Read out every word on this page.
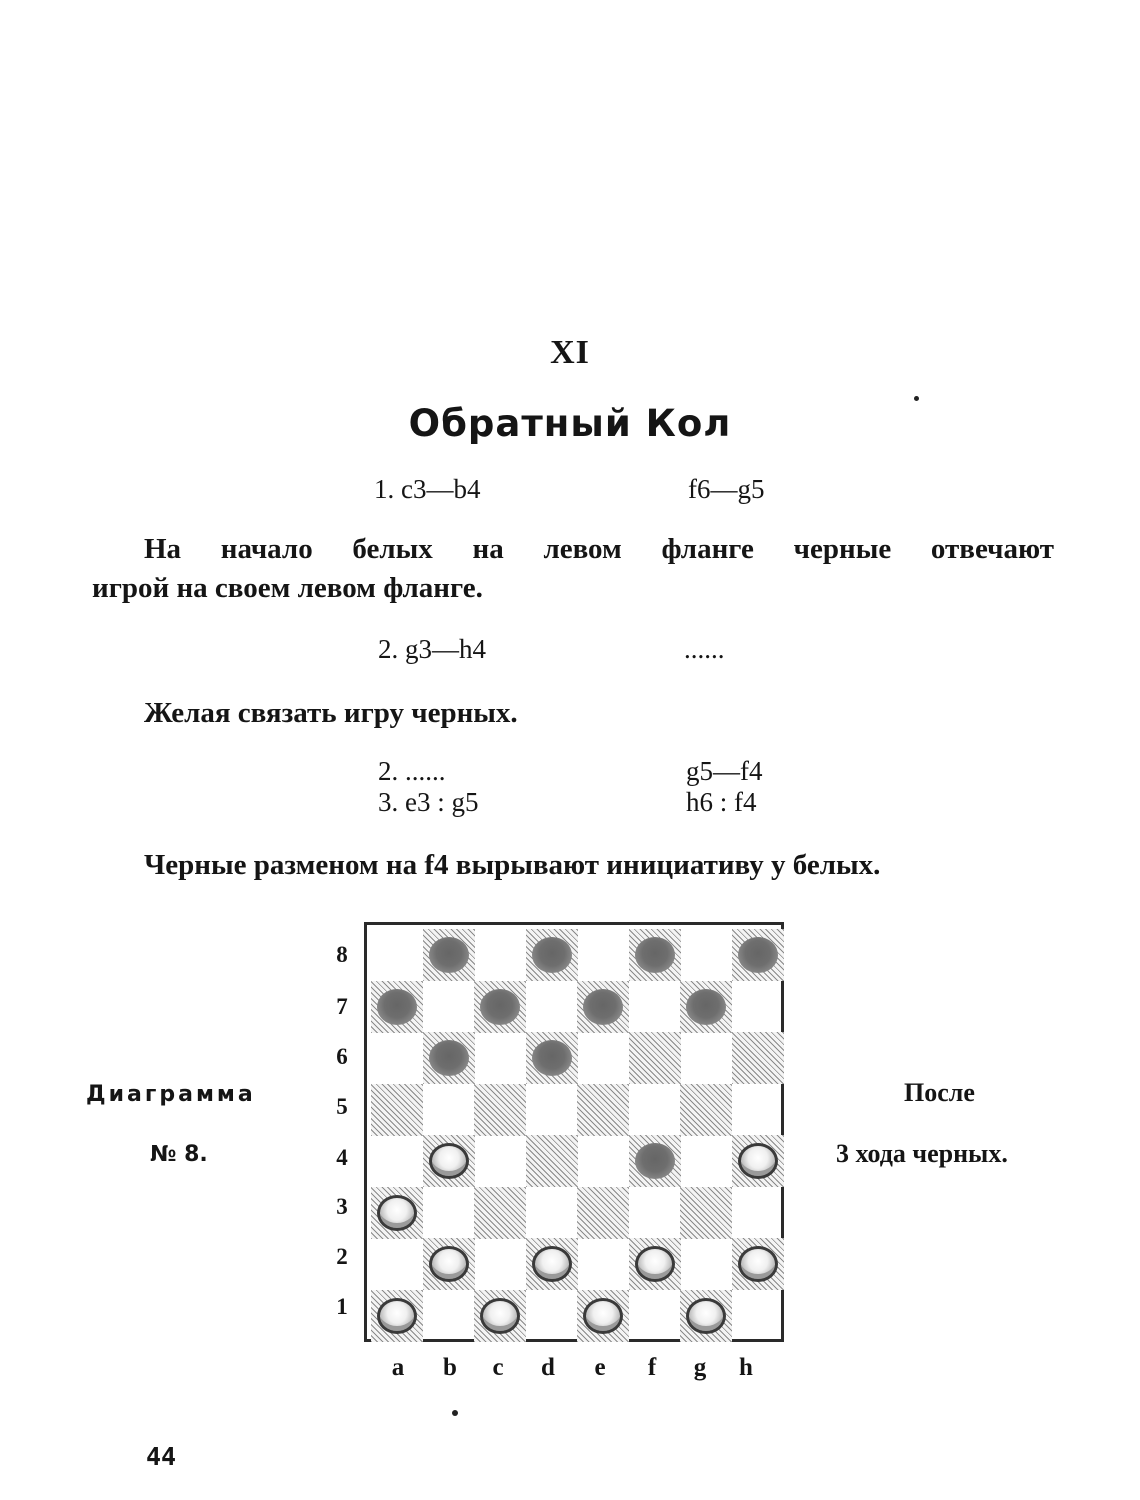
XI
Обратный Кол
1. c3—b4	f6—g5
На начало белых на левом фланге черные отвечают
игрой на своем левом фланге.
2. g3—h4	......
Желая связать игру черных.
2. ......	g5—f4
3. e3 : g5	h6 : f4
Черные разменом на f4 вырывают инициативу у белых.
Диаграмма
№ 8.
После
3 хода черных.
8
7
6
5
4
3
2
1
a	b	c	d	e	f	g	h
44
